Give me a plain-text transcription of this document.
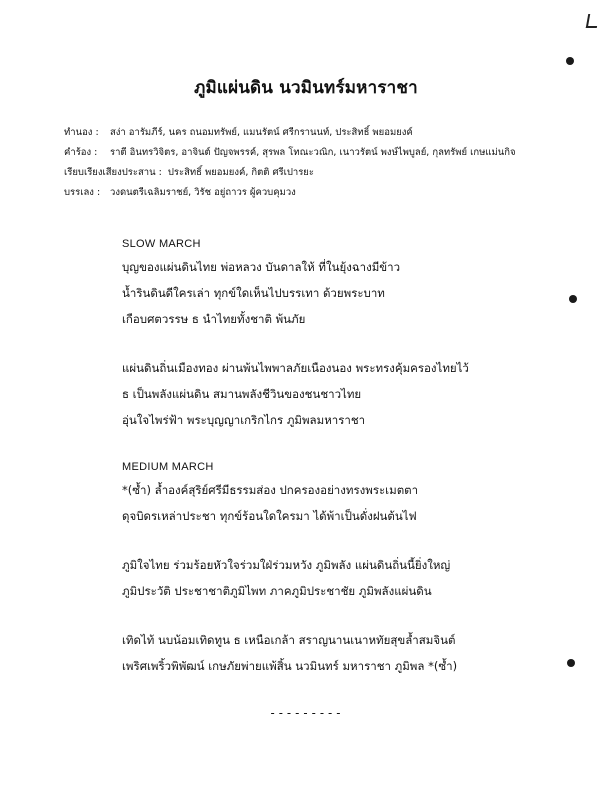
ภูมิแผ่นดิน นวมินทร์มหาราชา
ทำนอง :	สง่า อารัมภีร์, นคร ถนอมทรัพย์, แมนรัตน์ ศรีกรานนท์, ประสิทธิ์ พยอมยงค์
คำร้อง :	ราตี อินทรวิจิตร, อาจินต์ ปัญจพรรค์, สุรพล โทณะวณิก, เนาวรัตน์ พงษ์ไพบูลย์, กุลทรัพย์ เกษแม่นกิจ
เรียบเรียงเสียงประสาน : ประสิทธิ์ พยอมยงค์, กิตติ ศรีเปารยะ
บรรเลง :	วงดนตรีเฉลิมราชย์, วิรัช อยู่ถาวร ผู้ควบคุมวง
SLOW MARCH
บุญของแผ่นดินไทย พ่อหลวง บันดาลให้ ที่ในยุ้งฉางมีข้าว
น้ำรินดินดีใครเล่า ทุกข์ใดเห็นไปบรรเทา ด้วยพระบาท
เกือบศตวรรษ ธ นำไทยทั้งชาติ พ้นภัย
แผ่นดินถิ่นเมืองทอง ผ่านพ้นไพพาลภัยเนืองนอง พระทรงคุ้มครองไทยไว้
ธ เป็นพลังแผ่นดิน สมานพลังชีวินของชนชาวไทย
อุ่นใจไพร่ฟ้า พระบุญญาเกริกไกร ภูมิพลมหาราชา
MEDIUM MARCH
*(ซ้ำ) ล้ำองค์สุริย์ศรีมีธรรมส่อง ปกครองอย่างทรงพระเมตตา
ดุจบิดรเหล่าประชา ทุกข์ร้อนใดใครมา ได้พ้าเป็นดั่งฝนต้นไฟ
ภูมิใจไทย ร่วมร้อยหัวใจร่วมใฝ่ร่วมหวัง ภูมิพลัง แผ่นดินถิ่นนี้ยิ่งใหญ่
ภูมิประวัติ ประชาชาติภูมิไพท ภาคภูมิประชาชัย ภูมิพลังแผ่นดิน
เทิดไท้ นบน้อมเทิดทูน ธ เหนือเกล้า สราญนานเนาหทัยสุขล้ำสมจินต์
เพริศเพริ้วพิพัฒน์ เกษภัยพ่ายแพ้สิ้น นวมินทร์ มหาราชา ภูมิพล *(ซ้ำ)
---------
